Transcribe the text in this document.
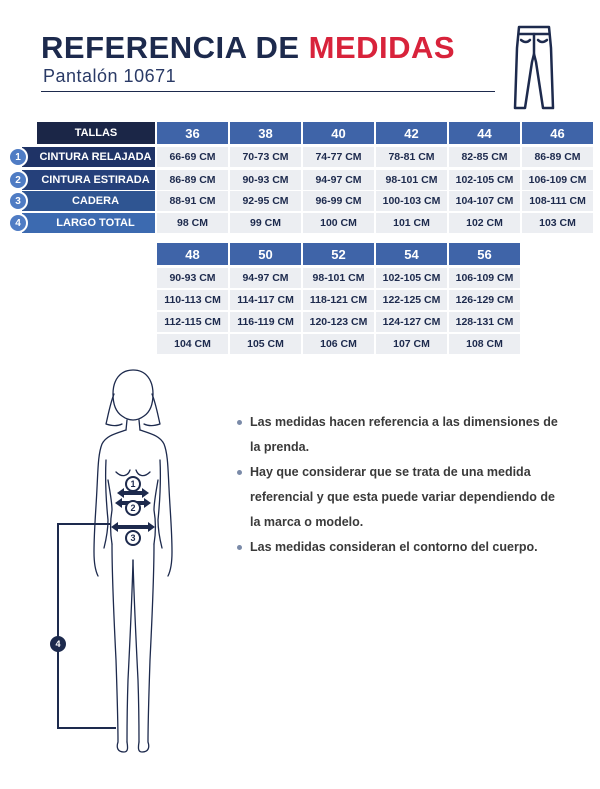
REFERENCIA DE MEDIDAS
Pantalón 10671
36
66-69 CM
86-89 CM
88-91 CM
98 CM
38
70-73 CM
90-93 CM
92-95 CM
99 CM
40
74-77 CM
94-97 CM
96-99 CM
100 CM
42
78-81 CM
98-101 CM
100-103 CM
101 CM
44
82-85 CM
102-105 CM
104-107 CM
102 CM
46
86-89 CM
106-109 CM
108-111 CM
103 CM
48
90-93 CM
110-113 CM
112-115 CM
104 CM
50
94-97 CM
114-117 CM
116-119 CM
105 CM
52
98-101 CM
118-121 CM
120-123 CM
106 CM
54
102-105 CM
122-125 CM
124-127 CM
107 CM
56
106-109 CM
126-129 CM
128-131 CM
108 CM
TALLAS
CINTURA RELAJADA
CINTURA ESTIRADA
CADERA
LARGO TOTAL
1
2
3
4
Las medidas hacen referencia a las dimensiones de la prenda.
Hay que considerar que se trata de una medida referencial y que esta puede variar dependiendo de la marca o modelo.
Las medidas consideran el contorno del cuerpo.
1
2
3
4
